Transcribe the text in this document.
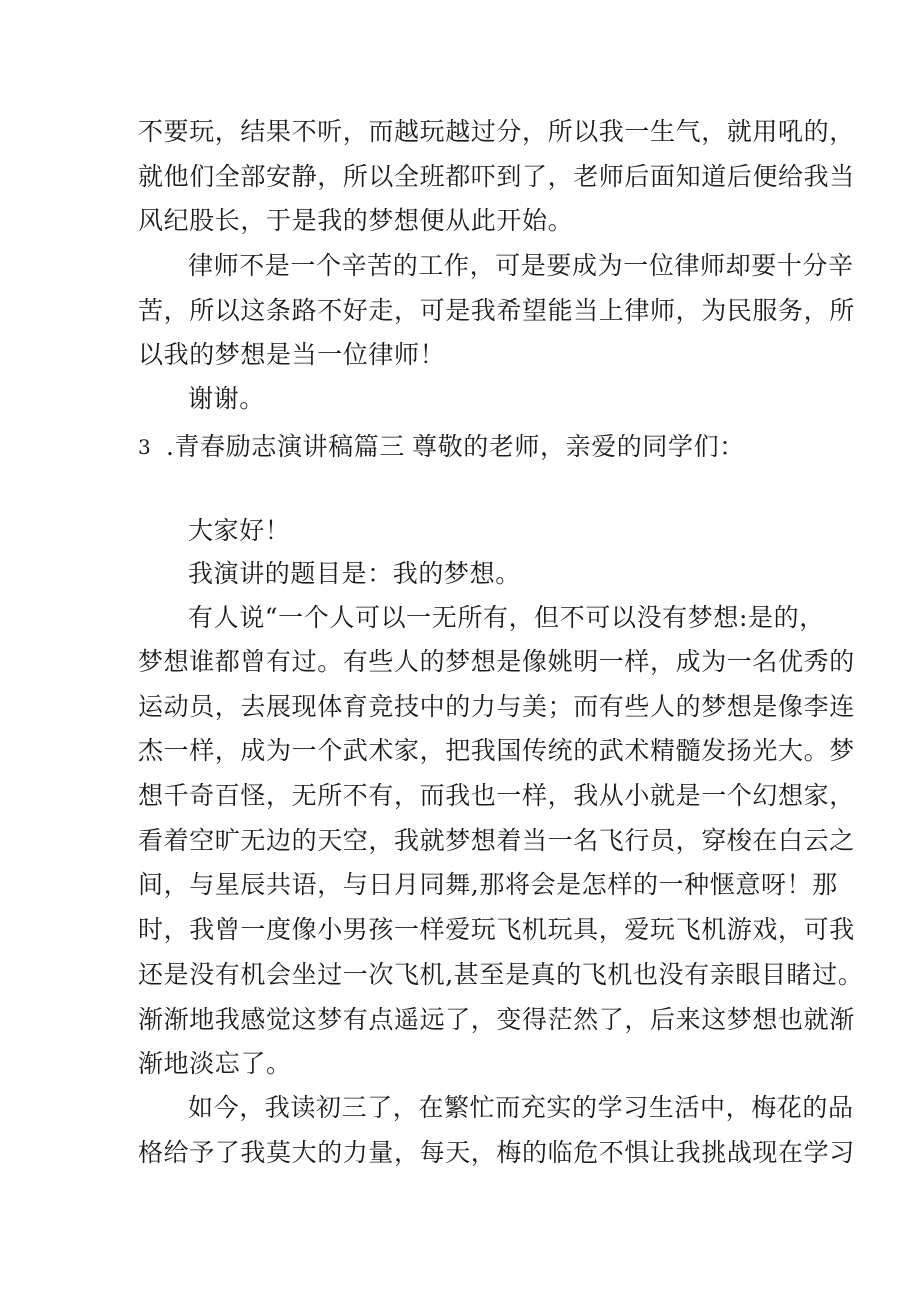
不要玩，结果不听，而越玩越过分，所以我一生气，就用吼的，
就他们全部安静，所以全班都吓到了，老师后面知道后便给我当
风纪股长，于是我的梦想便从此开始。
律师不是一个辛苦的工作，可是要成为一位律师却要十分辛
苦，所以这条路不好走，可是我希望能当上律师，为民服务，所
以我的梦想是当一位律师！
谢谢。
3 .青春励志演讲稿篇三 尊敬的老师，亲爱的同学们：
大家好！
我演讲的题目是：我的梦想。
有人说“一个人可以一无所有，但不可以没有梦想:是的，
梦想谁都曾有过。有些人的梦想是像姚明一样，成为一名优秀的
运动员，去展现体育竞技中的力与美；而有些人的梦想是像李连
杰一样，成为一个武术家，把我国传统的武术精髓发扬光大。梦
想千奇百怪，无所不有，而我也一样，我从小就是一个幻想家，
看着空旷无边的天空，我就梦想着当一名飞行员，穿梭在白云之
间，与星辰共语，与日月同舞,那将会是怎样的一种惬意呀！那
时，我曾一度像小男孩一样爱玩飞机玩具，爱玩飞机游戏，可我
还是没有机会坐过一次飞机,甚至是真的飞机也没有亲眼目睹过。
渐渐地我感觉这梦有点遥远了，变得茫然了，后来这梦想也就渐
渐地淡忘了。
如今，我读初三了，在繁忙而充实的学习生活中，梅花的品
格给予了我莫大的力量，每天，梅的临危不惧让我挑战现在学习
